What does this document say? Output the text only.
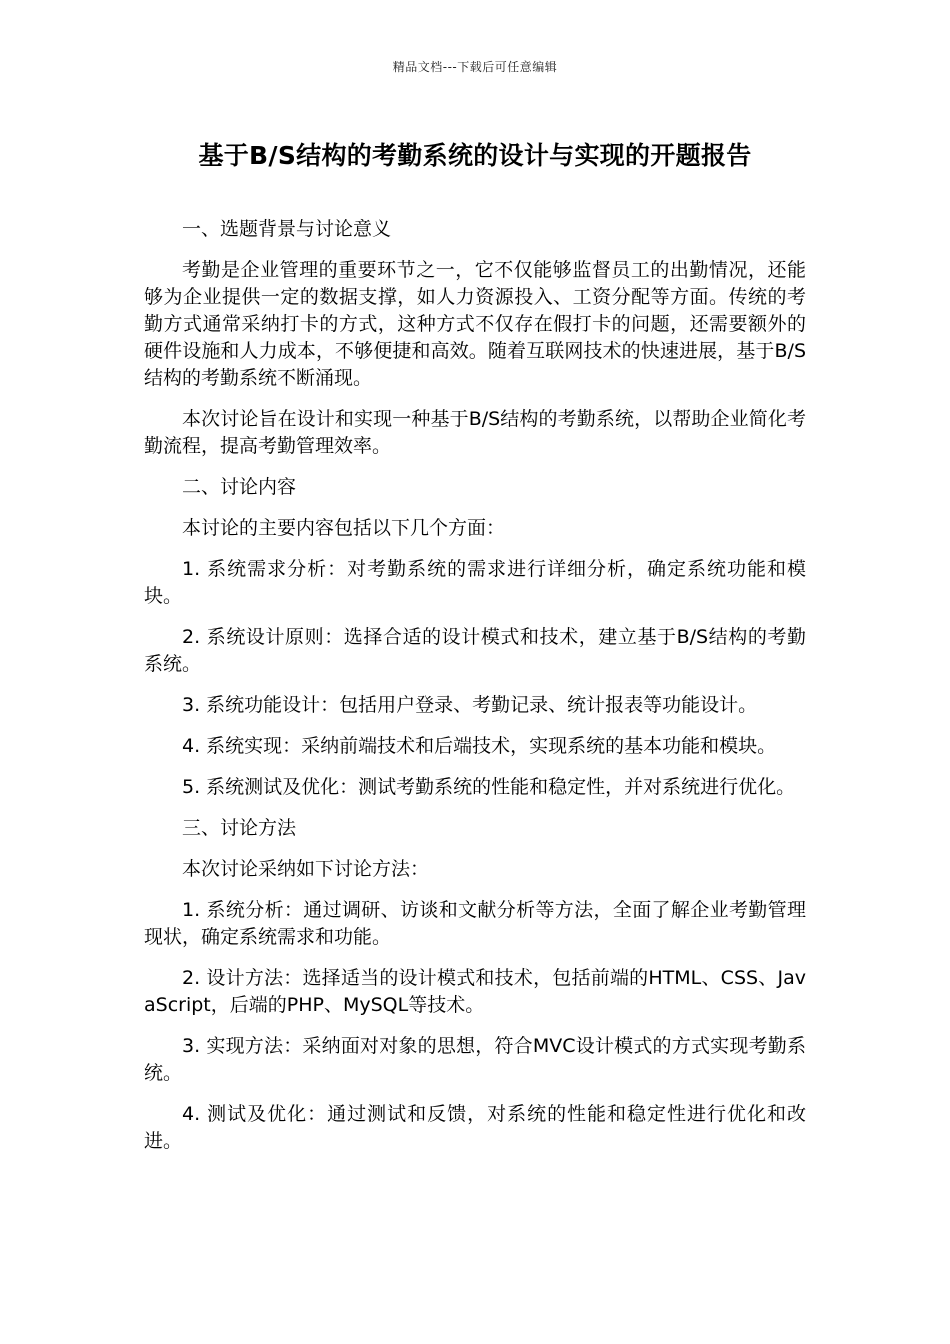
精品文档---下载后可任意编辑
基于B/S结构的考勤系统的设计与实现的开题报告

一、选题背景与讨论意义

考勤是企业管理的重要环节之一，它不仅能够监督员工的出勤情况，还能够为企业提供一定的数据支撑，如人力资源投入、工资分配等方面。传统的考勤方式通常采纳打卡的方式，这种方式不仅存在假打卡的问题，还需要额外的硬件设施和人力成本，不够便捷和高效。随着互联网技术的快速进展，基于B/S结构的考勤系统不断涌现。

本次讨论旨在设计和实现一种基于B/S结构的考勤系统，以帮助企业简化考勤流程，提高考勤管理效率。

二、讨论内容

本讨论的主要内容包括以下几个方面：

1. 系统需求分析：对考勤系统的需求进行详细分析，确定系统功能和模块。

2. 系统设计原则：选择合适的设计模式和技术，建立基于B/S结构的考勤系统。

3. 系统功能设计：包括用户登录、考勤记录、统计报表等功能设计。

4. 系统实现：采纳前端技术和后端技术，实现系统的基本功能和模块。

5. 系统测试及优化：测试考勤系统的性能和稳定性，并对系统进行优化。

三、讨论方法

本次讨论采纳如下讨论方法：

1. 系统分析：通过调研、访谈和文献分析等方法，全面了解企业考勤管理现状，确定系统需求和功能。

2. 设计方法：选择适当的设计模式和技术，包括前端的HTML、CSS、JavaScript，后端的PHP、MySQL等技术。

3. 实现方法：采纳面对对象的思想，符合MVC设计模式的方式实现考勤系统。

4. 测试及优化：通过测试和反馈，对系统的性能和稳定性进行优化和改进。
